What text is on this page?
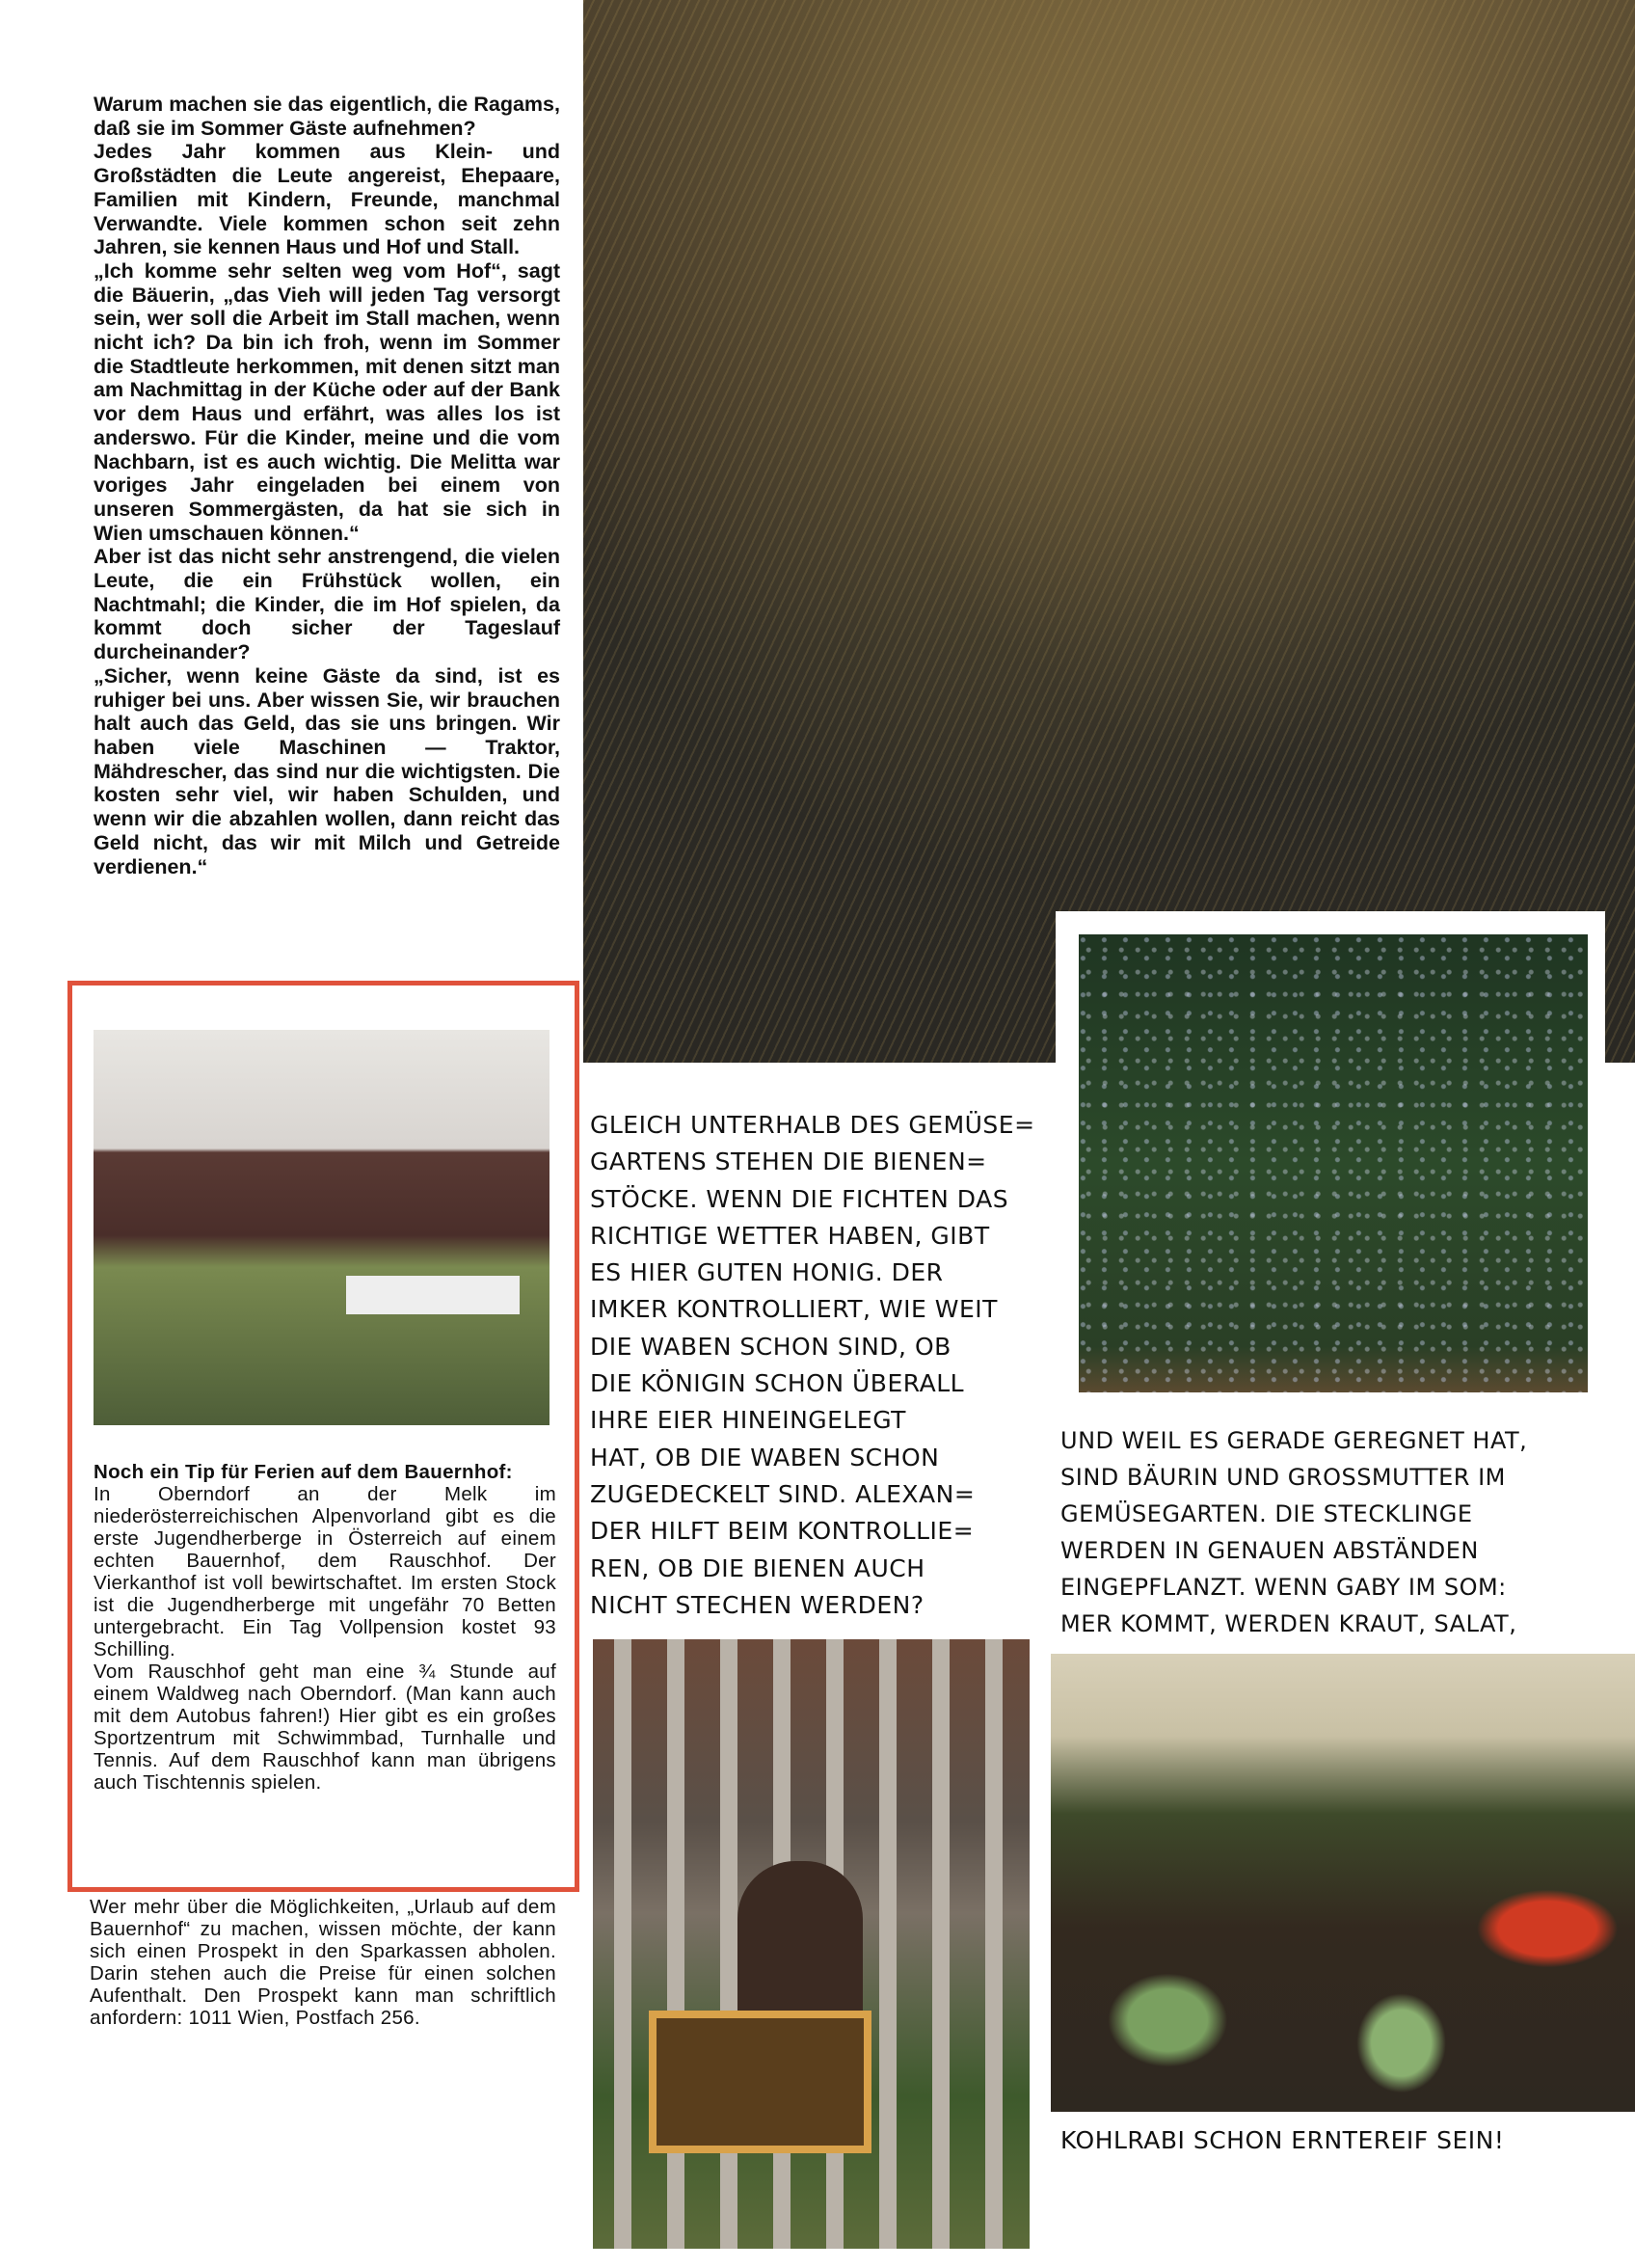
Warum machen sie das eigentlich, die Ragams, daß sie im Sommer Gäste aufnehmen?

Jedes Jahr kommen aus Klein- und Großstädten die Leute angereist, Ehepaare, Familien mit Kindern, Freunde, manchmal Verwandte. Viele kommen schon seit zehn Jahren, sie kennen Haus und Hof und Stall.

„Ich komme sehr selten weg vom Hof“, sagt die Bäuerin, „das Vieh will jeden Tag versorgt sein, wer soll die Arbeit im Stall machen, wenn nicht ich? Da bin ich froh, wenn im Sommer die Stadtleute herkommen, mit denen sitzt man am Nachmittag in der Küche oder auf der Bank vor dem Haus und erfährt, was alles los ist anderswo. Für die Kinder, meine und die vom Nachbarn, ist es auch wichtig. Die Melitta war voriges Jahr eingeladen bei einem von unseren Sommergästen, da hat sie sich in Wien umschauen können.“

Aber ist das nicht sehr anstrengend, die vielen Leute, die ein Frühstück wollen, ein Nachtmahl; die Kinder, die im Hof spielen, da kommt doch sicher der Tageslauf durcheinander?

„Sicher, wenn keine Gäste da sind, ist es ruhiger bei uns. Aber wissen Sie, wir brauchen halt auch das Geld, das sie uns bringen. Wir haben viele Maschinen — Traktor, Mähdrescher, das sind nur die wichtigsten. Die kosten sehr viel, wir haben Schulden, und wenn wir die abzahlen wollen, dann reicht das Geld nicht, das wir mit Milch und Getreide verdienen.“

Noch ein Tip für Ferien auf dem Bauernhof:

In Oberndorf an der Melk im niederösterreichischen Alpenvorland gibt es die erste Jugendherberge in Österreich auf einem echten Bauernhof, dem Rauschhof. Der Vierkanthof ist voll bewirtschaftet. Im ersten Stock ist die Jugendherberge mit ungefähr 70 Betten untergebracht. Ein Tag Vollpension kostet 93 Schilling.

Vom Rauschhof geht man eine ¾ Stunde auf einem Waldweg nach Oberndorf. (Man kann auch mit dem Autobus fahren!) Hier gibt es ein großes Sportzentrum mit Schwimmbad, Turnhalle und Tennis. Auf dem Rauschhof kann man übrigens auch Tischtennis spielen.

Wer mehr über die Möglichkeiten, „Urlaub auf dem Bauernhof“ zu machen, wissen möchte, der kann sich einen Prospekt in den Sparkassen abholen. Darin stehen auch die Preise für einen solchen Aufenthalt. Den Prospekt kann man schriftlich anfordern: 1011 Wien, Postfach 256.
GLEICH UNTERHALB DES GEMÜSE=
GARTENS STEHEN DIE BIENEN=
STÖCKE. WENN DIE FICHTEN DAS
RICHTIGE WETTER HABEN, GIBT
ES HIER GUTEN HONIG. DER
IMKER KONTROLLIERT, WIE WEIT
DIE WABEN SCHON SIND, OB
DIE KÖNIGIN SCHON ÜBERALL
IHRE EIER HINEINGELEGT
HAT, OB DIE WABEN SCHON
ZUGEDECKELT SIND. ALEXAN=
DER HILFT BEIM KONTROLLIE=
REN, OB DIE BIENEN AUCH
NICHT STECHEN WERDEN?
UND WEIL ES GERADE GEREGNET HAT,
SIND BÄURIN UND GROSSMUTTER IM
GEMÜSEGARTEN. DIE STECKLINGE
WERDEN IN GENAUEN ABSTÄNDEN
EINGEPFLANZT. WENN GABY IM SOM:
MER KOMMT, WERDEN KRAUT, SALAT,
KOHLRABI SCHON ERNTEREIF SEIN!
